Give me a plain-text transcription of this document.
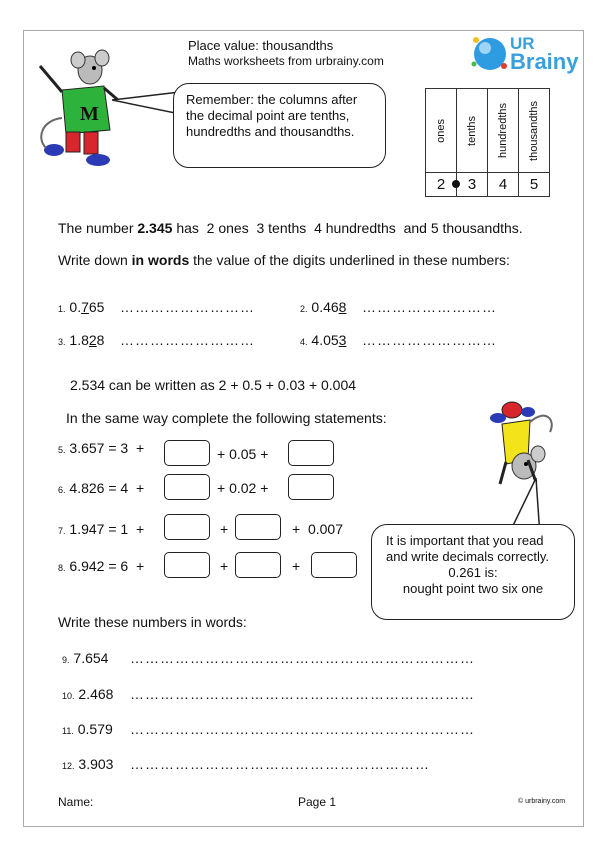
Place value: thousandths
Maths worksheets from urbrainy.com
UR
Brainy
M
Remember: the columns after the decimal point are tenths, hundredths and thousandths.	ones	tenths	hundredths	thousandths

2	3	4	5
The number 2.345 has  2 ones  3 tenths  4 hundredths  and 5 thousandths.
Write down in words the value of the digits underlined in these numbers:
1. 0.765 ………………………	2. 0.468 ………………………
3. 1.828 ………………………	4. 4.053 ………………………
2.534 can be written as 2 + 0.5 + 0.03 + 0.004
In the same way complete the following statements:
5. 3.657 = 3  +	+ 0.05 +
6. 4.826 = 4  +	+ 0.02 +
7. 1.947 = 1  +	+	+  0.007
8. 6.942 = 6  +	+	+
It is important that you read and write decimals correctly.
0.261 is:
nought point two six one
Write these numbers in words:
9. 7.654 ……………………………………………………………
10. 2.468 ……………………………………………………………
11. 0.579 ……………………………………………………………
12. 3.903 ……………………………………………………
Name:	Page 1	© urbrainy.com
